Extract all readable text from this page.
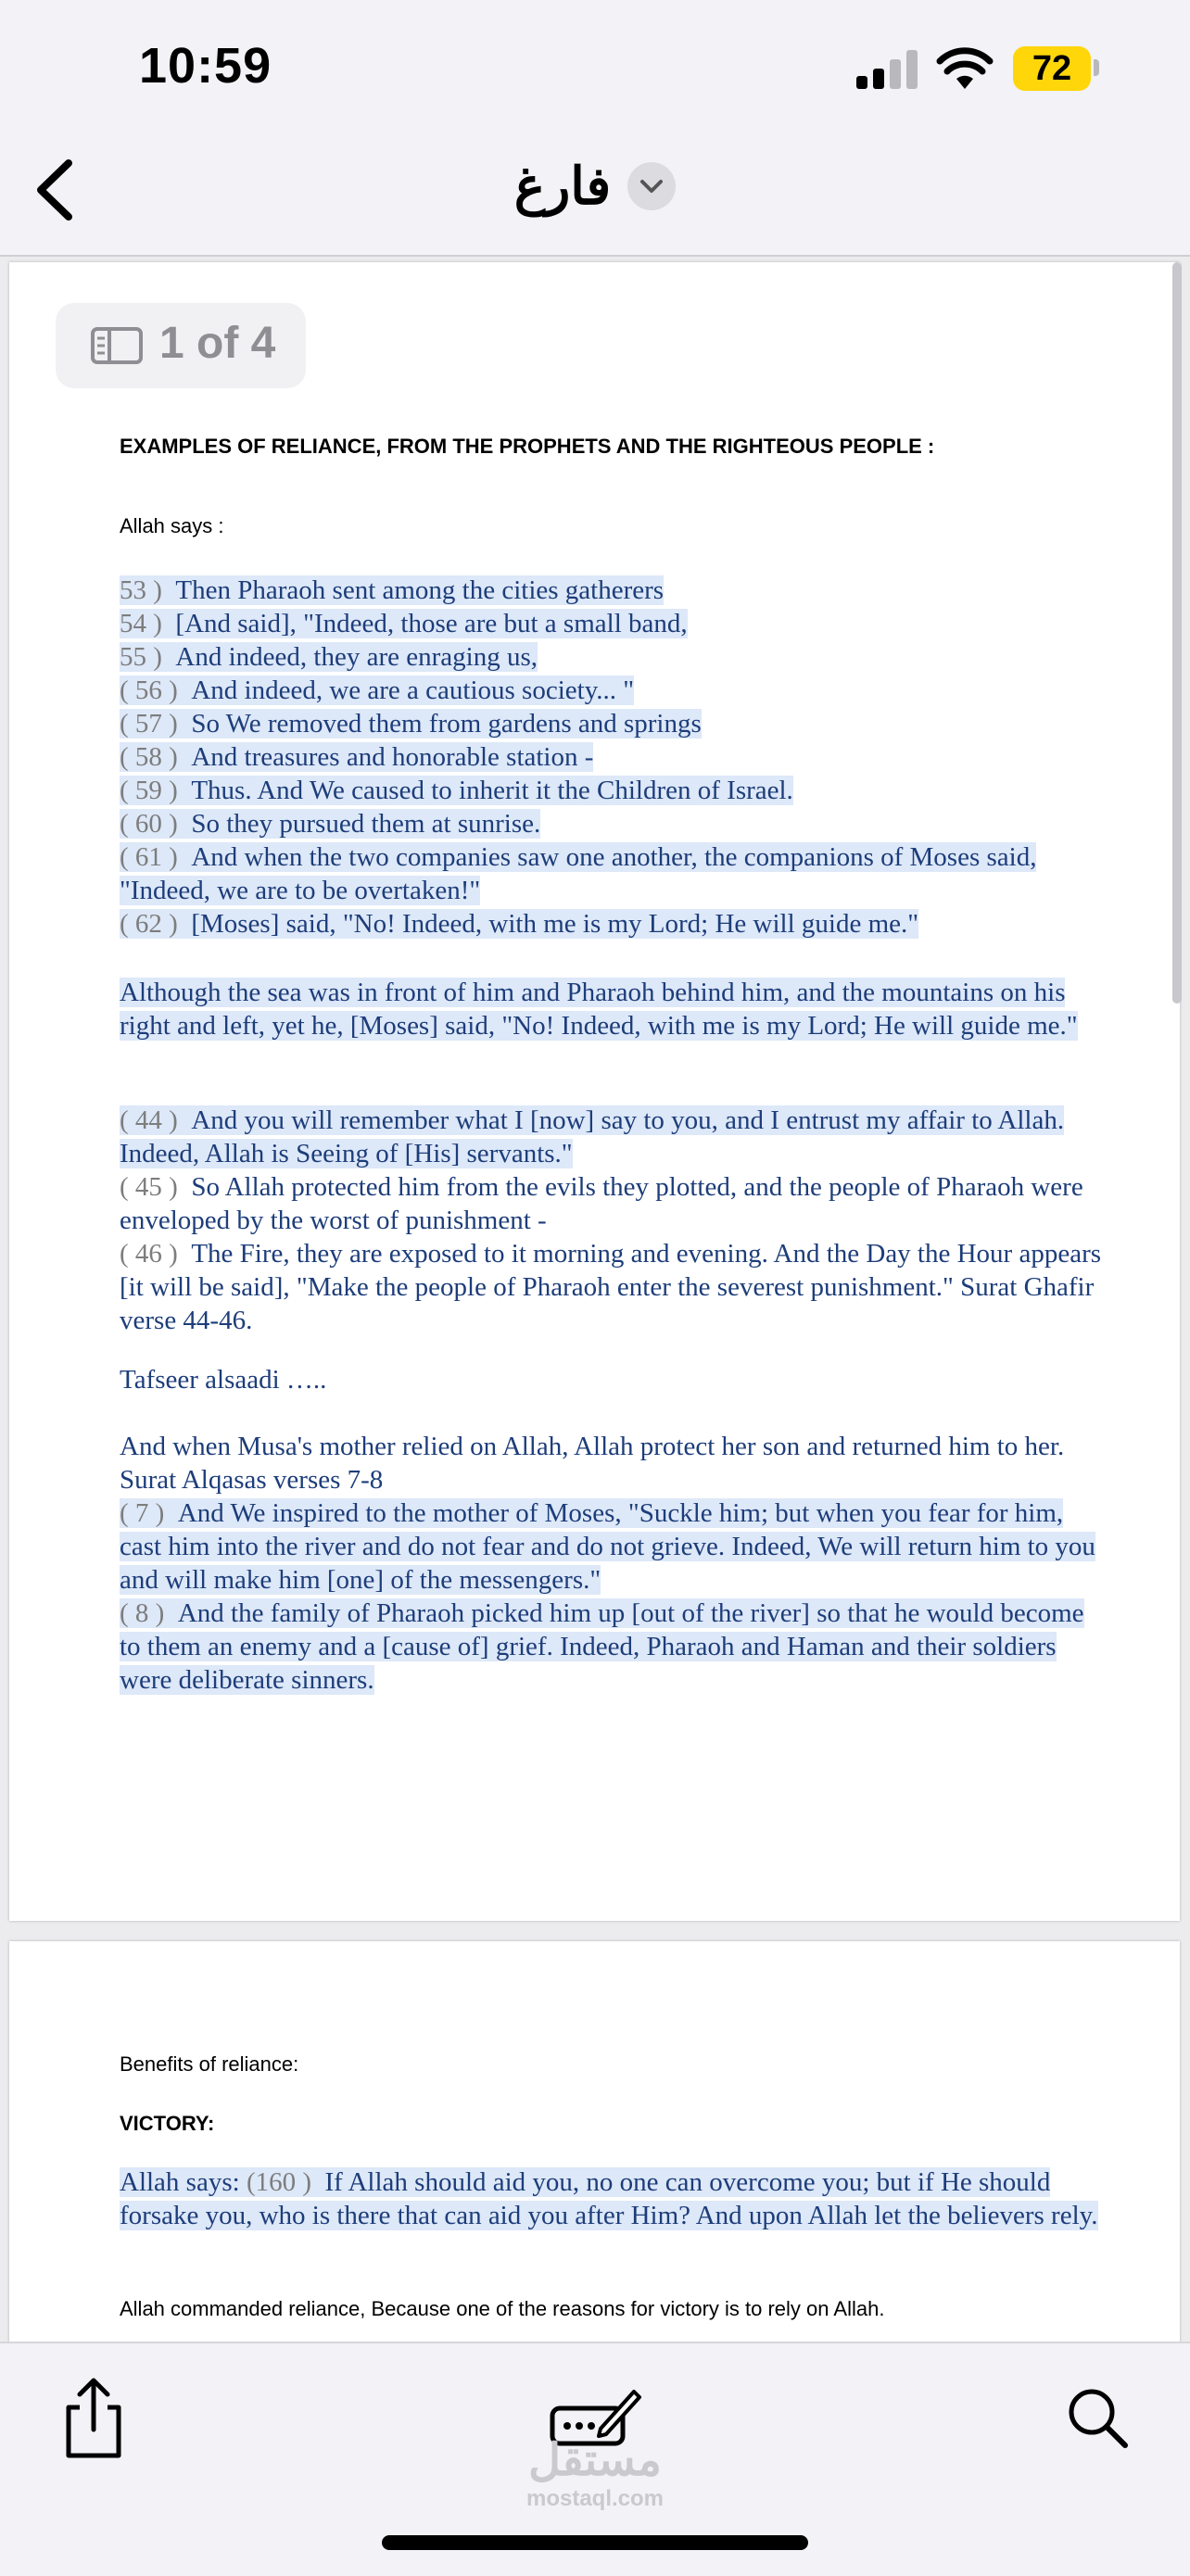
10:59	72
فارغ
1 of 4
EXAMPLES OF RELIANCE, FROM THE PROPHETS AND THE RIGHTEOUS PEOPLE :
Allah says :
53 ) Then Pharaoh sent among the cities gatherers
54 ) [And said], "Indeed, those are but a small band,
55 ) And indeed, they are enraging us,
( 56 ) And indeed, we are a cautious society... "
( 57 ) So We removed them from gardens and springs
( 58 ) And treasures and honorable station -
( 59 ) Thus. And We caused to inherit it the Children of Israel.
( 60 ) So they pursued them at sunrise.
( 61 ) And when the two companies saw one another, the companions of Moses said, "Indeed, we are to be overtaken!"
( 62 ) [Moses] said, "No! Indeed, with me is my Lord; He will guide me."
Although the sea was in front of him and Pharaoh behind him, and the mountains on his right and left, yet he, [Moses] said, "No! Indeed, with me is my Lord; He will guide me."
( 44 ) And you will remember what I [now] say to you, and I entrust my affair to Allah. Indeed, Allah is Seeing of [His] servants."
( 45 ) So Allah protected him from the evils they plotted, and the people of Pharaoh were enveloped by the worst of punishment -
( 46 ) The Fire, they are exposed to it morning and evening. And the Day the Hour appears [it will be said], "Make the people of Pharaoh enter the severest punishment." Surat Ghafir verse 44-46.
Tafseer alsaadi …..
And when Musa's mother relied on Allah, Allah protect her son and returned him to her.
Surat Alqasas verses 7-8
( 7 ) And We inspired to the mother of Moses, "Suckle him; but when you fear for him, cast him into the river and do not fear and do not grieve. Indeed, We will return him to you and will make him [one] of the messengers."
( 8 ) And the family of Pharaoh picked him up [out of the river] so that he would become to them an enemy and a [cause of] grief. Indeed, Pharaoh and Haman and their soldiers were deliberate sinners.
Benefits of reliance:
VICTORY:
Allah says: (160 ) If Allah should aid you, no one can overcome you; but if He should forsake you, who is there that can aid you after Him? And upon Allah let the believers rely.
Allah commanded reliance, Because one of the reasons for victory is to rely on Allah.
مستقل
mostaql.com
